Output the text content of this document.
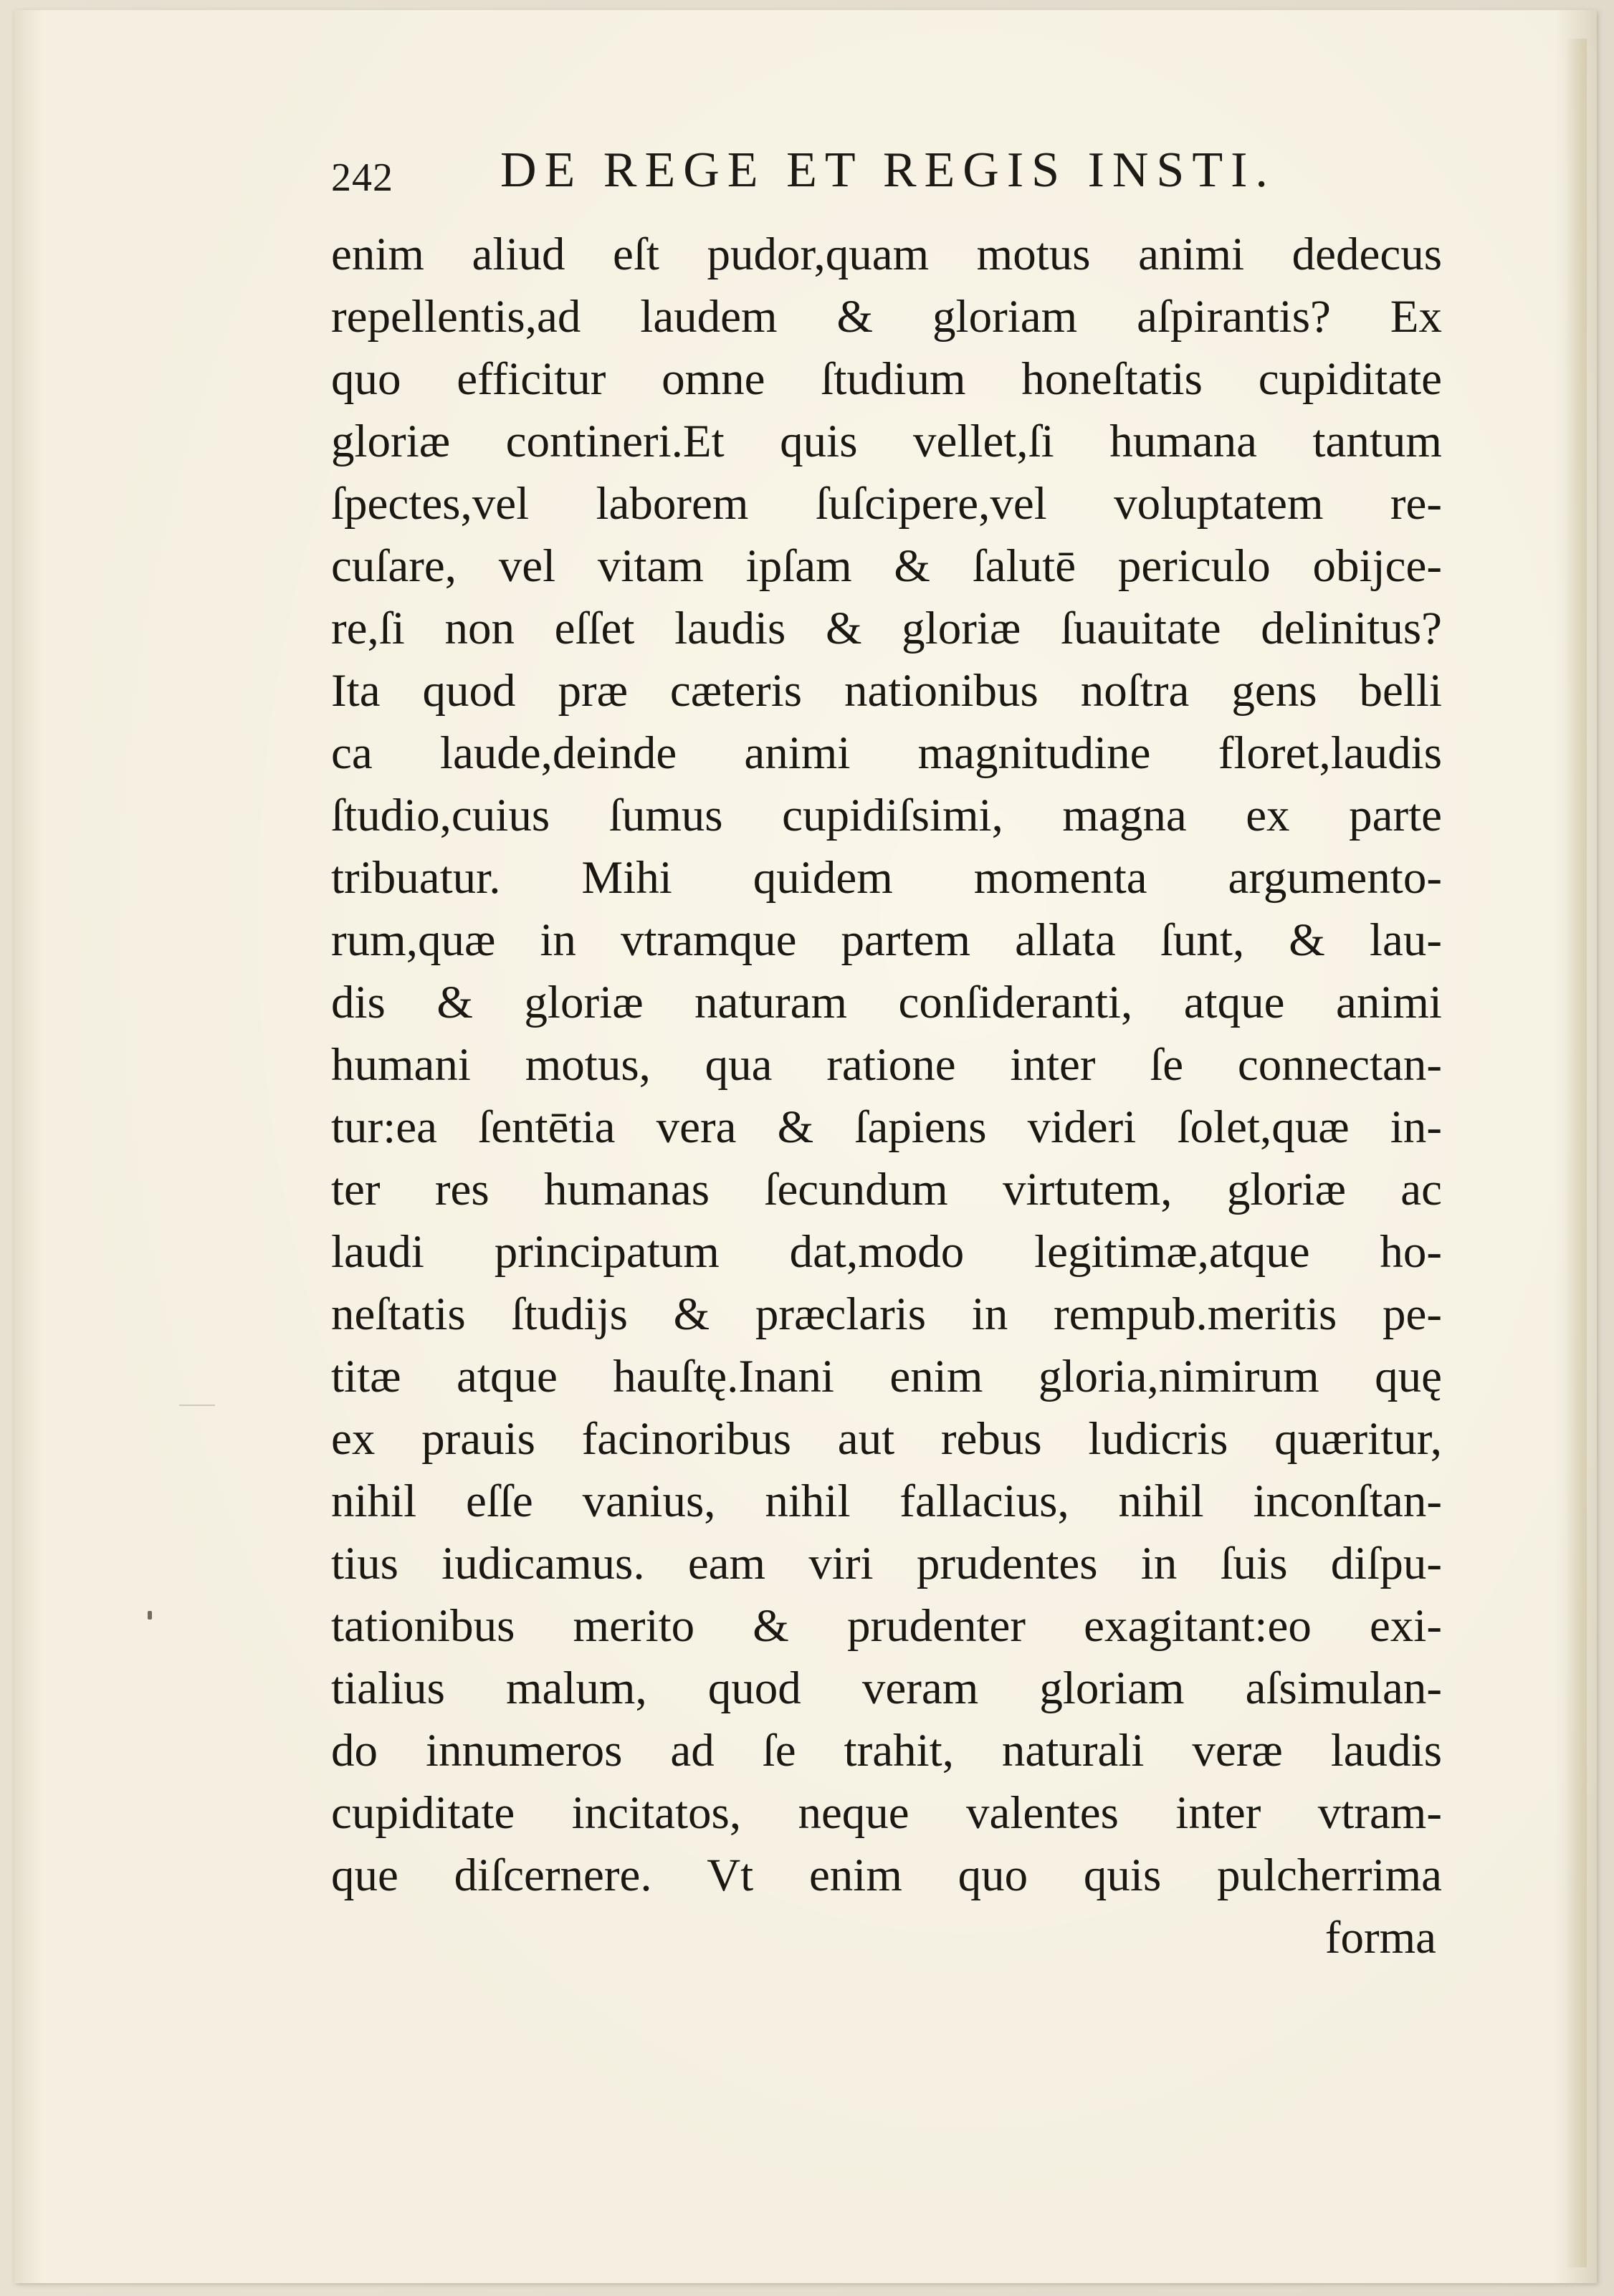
242 DE REGE ET REGIS INSTI.
enim aliud eſt pudor,quam motus animi dedecus
repellentis,ad laudem & gloriam aſpirantis? Ex
quo efficitur omne ſtudium honeſtatis cupiditate
gloriæ contineri.Et quis vellet,ſi humana tantum
ſpectes,vel laborem ſuſcipere,vel voluptatem re-
cuſare, vel vitam ipſam & ſalutē periculo obijce-
re,ſi non eſſet laudis & gloriæ ſuauitate delinitus?
Ita quod præ cæteris nationibus noſtra gens belli
ca laude,deinde animi magnitudine floret,laudis
ſtudio,cuius ſumus cupidiſsimi, magna ex parte
tribuatur. Mihi quidem momenta argumento-
rum,quæ in vtramque partem allata ſunt, & lau-
dis & gloriæ naturam conſideranti, atque animi
humani motus, qua ratione inter ſe connectan-
tur:ea ſentētia vera & ſapiens videri ſolet,quæ in-
ter res humanas ſecundum virtutem, gloriæ ac
laudi principatum dat,modo legitimæ,atque ho-
neſtatis ſtudijs & præclaris in rempub.meritis pe-
titæ atque hauſtę.Inani enim gloria,nimirum quę
ex prauis facinoribus aut rebus ludicris quæritur,
nihil eſſe vanius, nihil fallacius, nihil inconſtan-
tius iudicamus. eam viri prudentes in ſuis diſpu-
tationibus merito & prudenter exagitant:eo exi-
tialius malum, quod veram gloriam aſsimulan-
do innumeros ad ſe trahit, naturali veræ laudis
cupiditate incitatos, neque valentes inter vtram-
que diſcernere. Vt enim quo quis pulcherrima
forma
